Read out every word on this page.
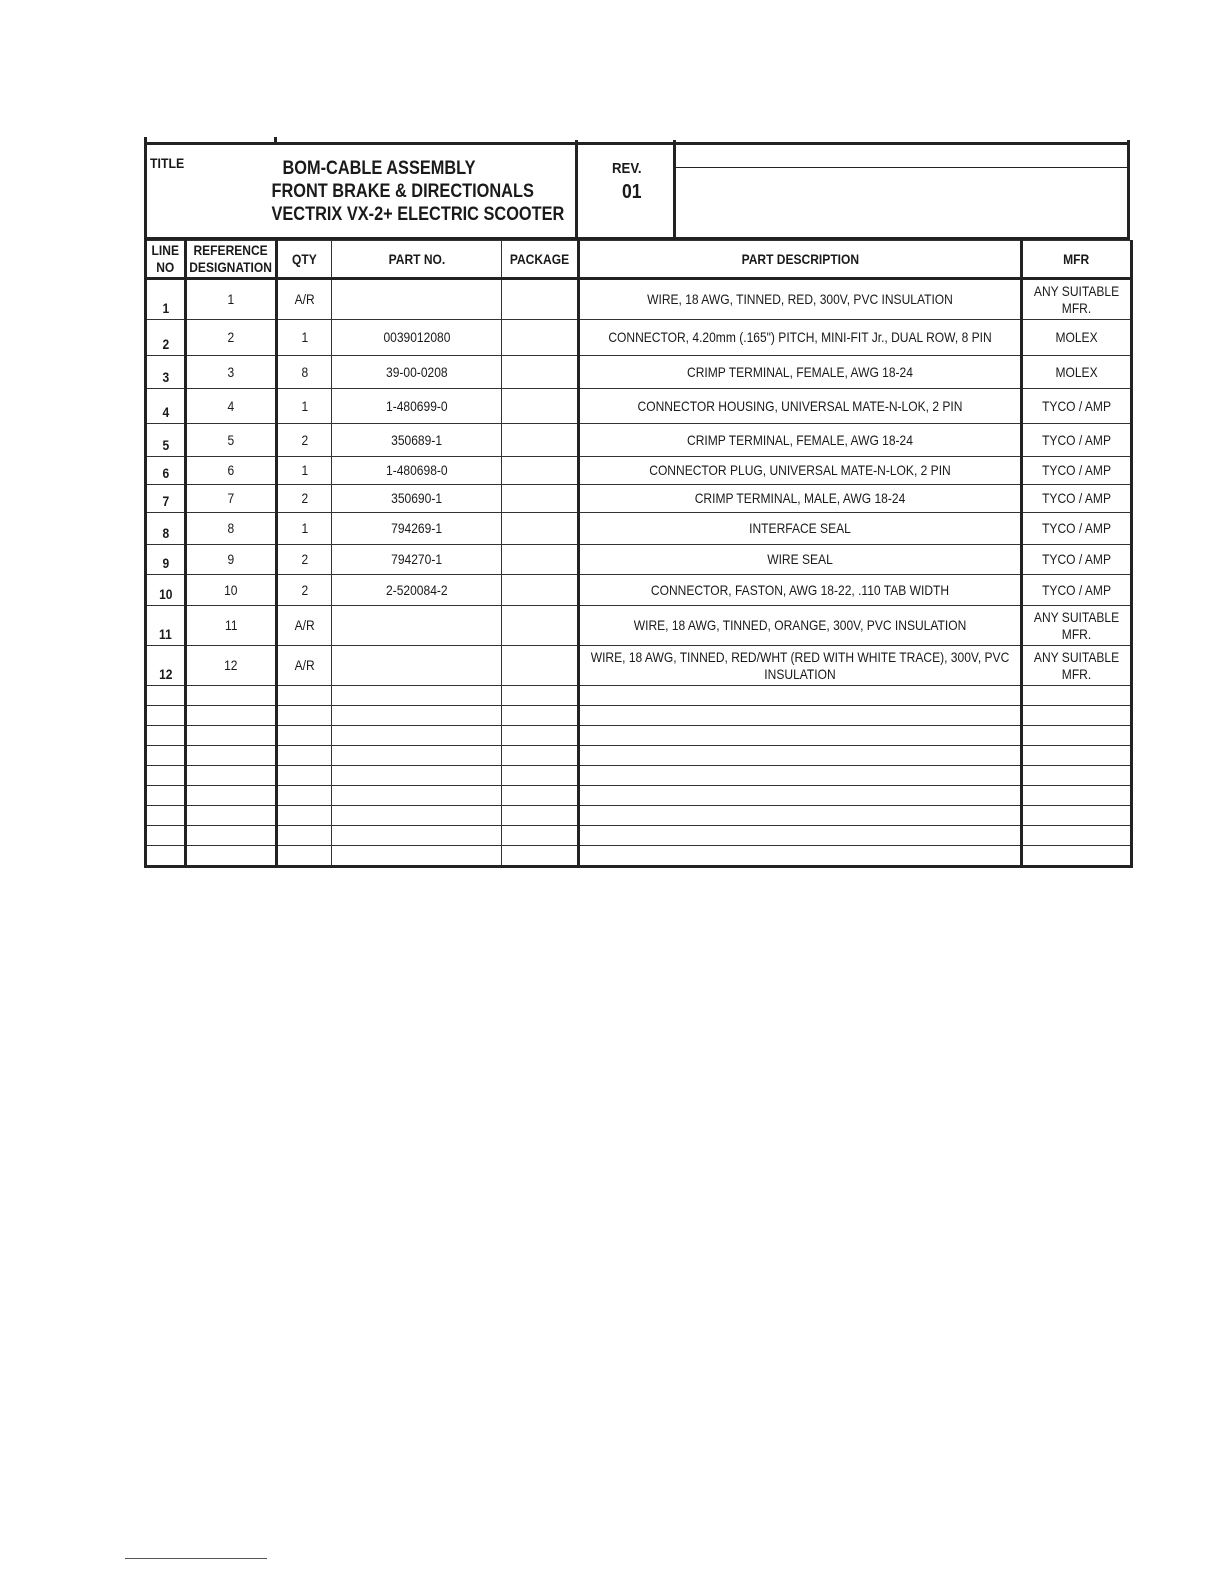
TITLE	BOM-CABLE ASSEMBLY
FRONT BRAKE & DIRECTIONALS
VECTRIX VX-2+ ELECTRIC SCOOTER
REV.
01
LINE NO	REFERENCE DESIGNATION	QTY	PART NO.	PACKAGE	PART DESCRIPTION	MFR
1	1	A/R			WIRE, 18 AWG, TINNED, RED, 300V, PVC INSULATION	ANY SUITABLE MFR.
2	2	1	0039012080		CONNECTOR, 4.20mm (.165") PITCH, MINI-FIT Jr., DUAL ROW, 8 PIN	MOLEX
3	3	8	39-00-0208		CRIMP TERMINAL, FEMALE, AWG 18-24	MOLEX
4	4	1	1-480699-0		CONNECTOR HOUSING, UNIVERSAL MATE-N-LOK, 2 PIN	TYCO / AMP
5	5	2	350689-1		CRIMP TERMINAL, FEMALE, AWG 18-24	TYCO / AMP
6	6	1	1-480698-0		CONNECTOR PLUG, UNIVERSAL MATE-N-LOK, 2 PIN	TYCO / AMP
7	7	2	350690-1		CRIMP TERMINAL, MALE, AWG 18-24	TYCO / AMP
8	8	1	794269-1		INTERFACE SEAL	TYCO / AMP
9	9	2	794270-1		WIRE SEAL	TYCO / AMP
10	10	2	2-520084-2		CONNECTOR, FASTON, AWG 18-22, .110 TAB WIDTH	TYCO / AMP
11	11	A/R			WIRE, 18 AWG, TINNED, ORANGE, 300V, PVC INSULATION	ANY SUITABLE MFR.
12	12	A/R			WIRE, 18 AWG, TINNED, RED/WHT (RED WITH WHITE TRACE), 300V, PVC INSULATION	ANY SUITABLE MFR.
